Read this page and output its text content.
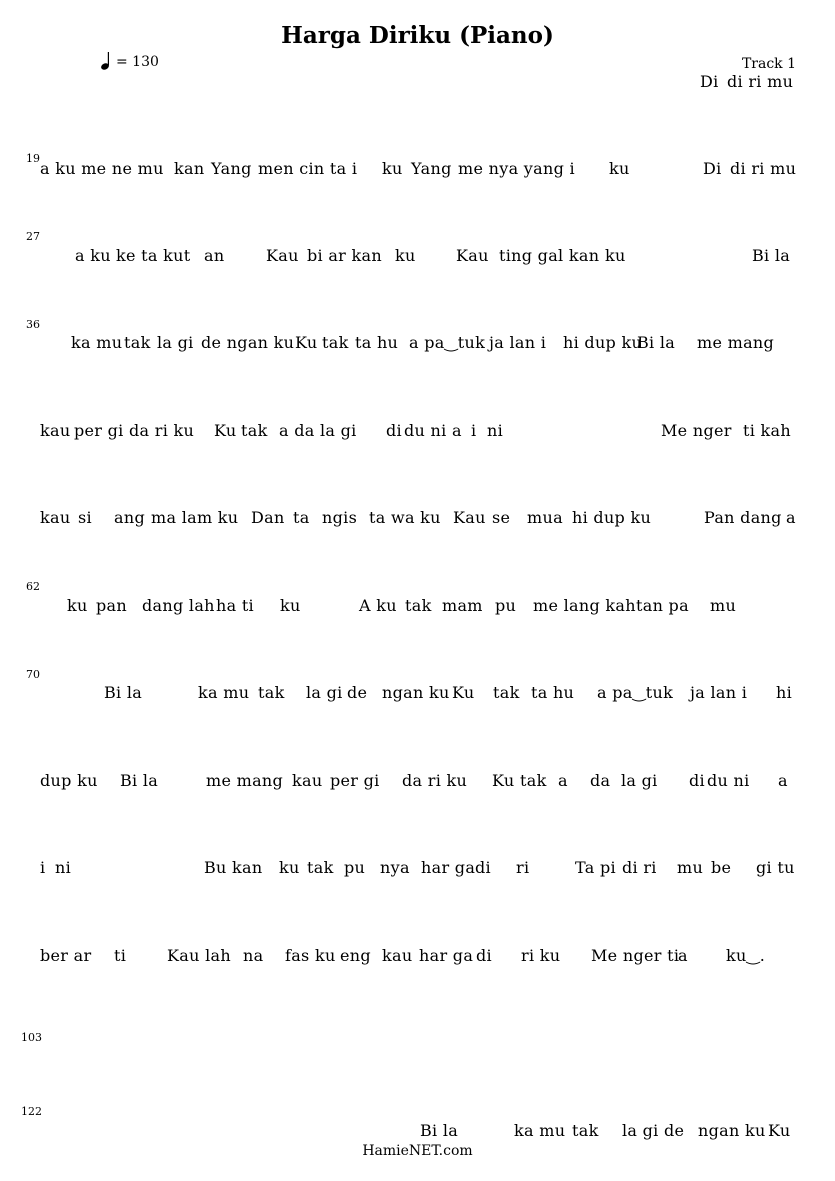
Harga Diriku (Piano)
= 130	Track 1
Di di ri mu
19
a ku me ne mu kan Yang men cin ta i ku Yang me nya yang i ku	Di di ri mu
27
a ku ke ta kut an	Kau bi ar kan ku	Kau ting gal kan ku	Bi la
36
ka mu tak la gi de ngan ku Ku tak ta hu a pa‿tuk ja lan i hi dup ku
Bi la me mang
kau per gi da ri ku Ku tak a da la gi di du ni a i ni	Me nger ti kah
kau si ang ma lam ku Dan ta ngis ta wa ku Kau se mua hi dup ku	Pan dang a
62
ku pan dang lah ha ti ku	A ku tak mam pu me lang kah tan pa mu
70
Bi la	ka mu tak la gi de ngan ku Ku tak ta hu a pa‿tuk ja lan i hi
dup ku Bi la	me mang kau per gi da ri ku Ku tak a da la gi di du ni a
i ni	Bu kan ku tak pu nya har ga di ri	Ta pi di ri mu be gi tu
ber ar ti	Kau lah na fas ku eng kau har ga di ri ku Me nger ti
a ku‿.
103
122
Bi la	ka mu tak la gi de ngan ku Ku
HamieNET.com
